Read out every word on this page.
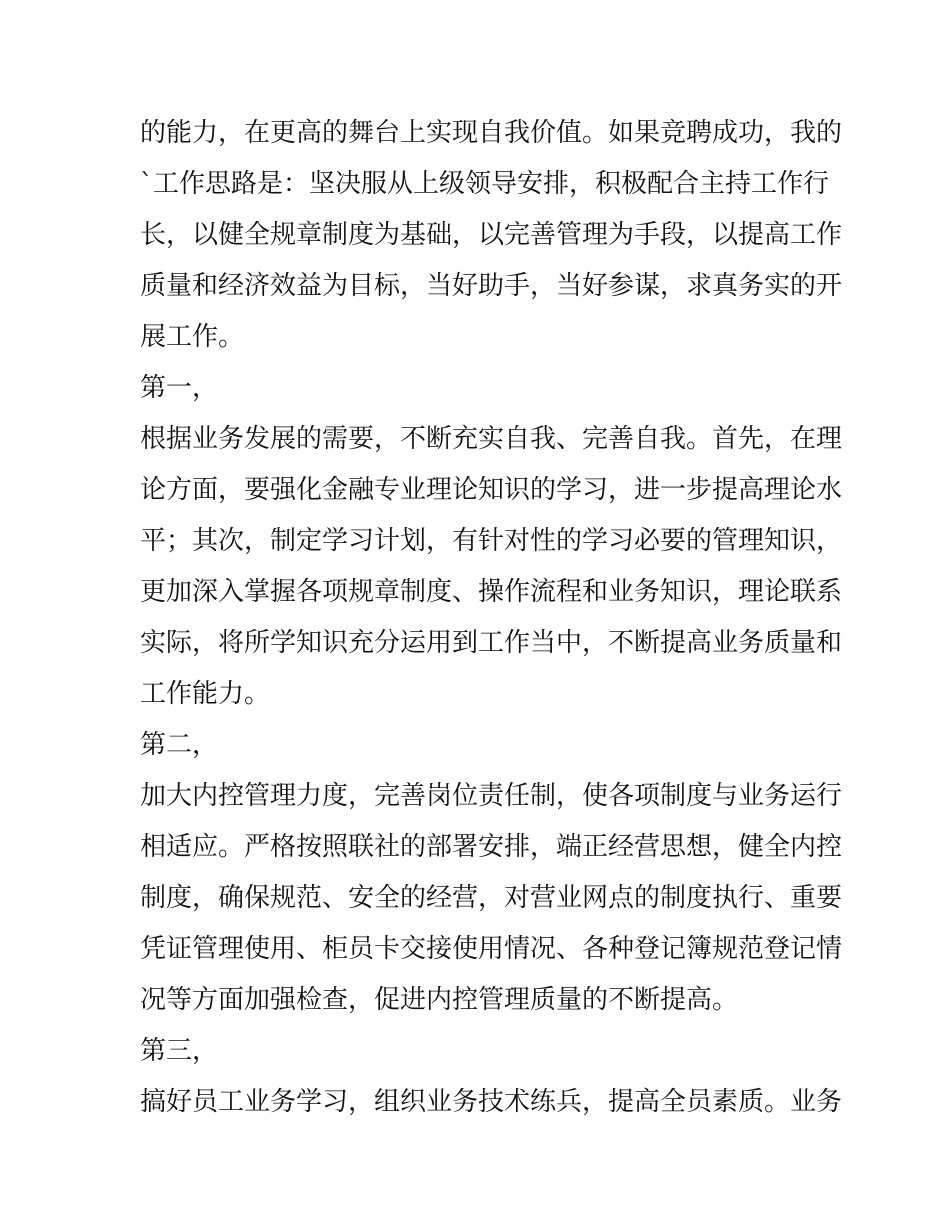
的能力，在更高的舞台上实现自我价值。如果竞聘成功，我的
`工作思路是：坚决服从上级领导安排，积极配合主持工作行
长，以健全规章制度为基础，以完善管理为手段，以提高工作
质量和经济效益为目标，当好助手，当好参谋，求真务实的开
展工作。
第一，
根据业务发展的需要，不断充实自我、完善自我。首先，在理
论方面，要强化金融专业理论知识的学习，进一步提高理论水
平；其次，制定学习计划，有针对性的学习必要的管理知识，
更加深入掌握各项规章制度、操作流程和业务知识，理论联系
实际，将所学知识充分运用到工作当中，不断提高业务质量和
工作能力。
第二，
加大内控管理力度，完善岗位责任制，使各项制度与业务运行
相适应。严格按照联社的部署安排，端正经营思想，健全内控
制度，确保规范、安全的经营，对营业网点的制度执行、重要
凭证管理使用、柜员卡交接使用情况、各种登记簿规范登记情
况等方面加强检查，促进内控管理质量的不断提高。
第三，
搞好员工业务学习，组织业务技术练兵，提高全员素质。业务
